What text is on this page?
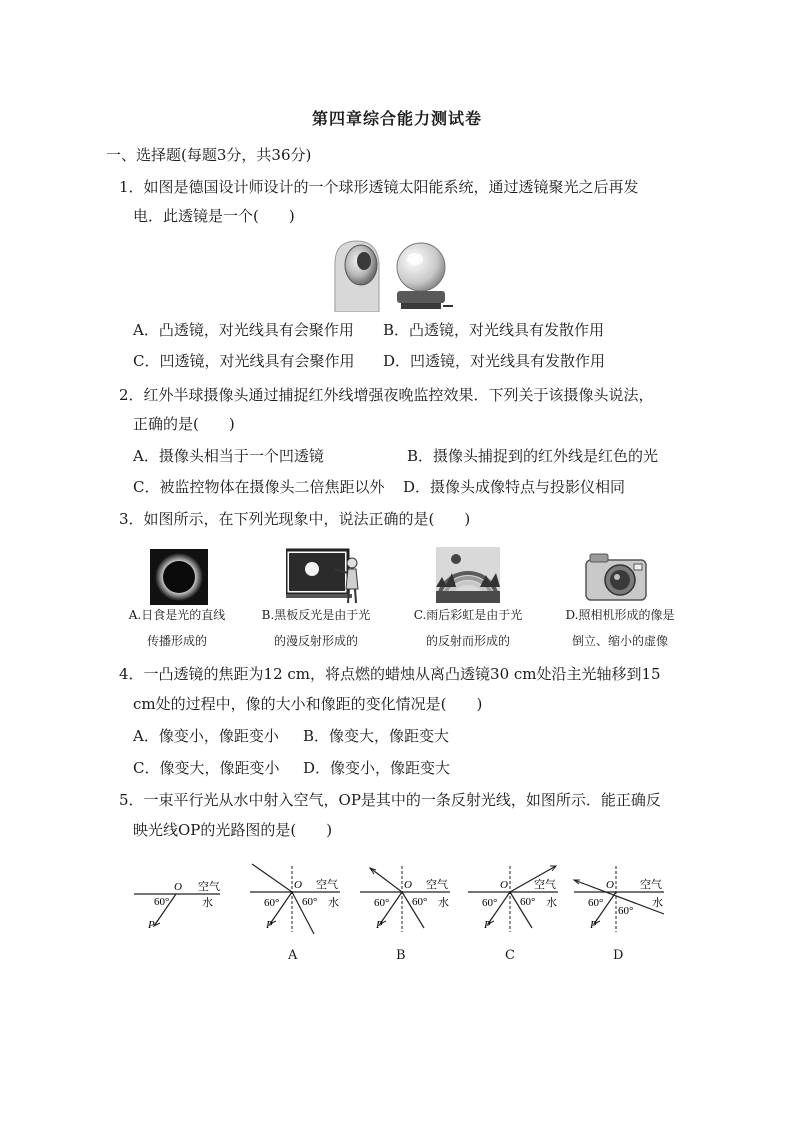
第四章综合能力测试卷
一、选择题(每题3分，共36分)
1．如图是德国设计师设计的一个球形透镜太阳能系统，通过透镜聚光之后再发
电．此透镜是一个(　　)
A．凸透镜，对光线具有会聚作用 B．凸透镜，对光线具有发散作用
C．凹透镜，对光线具有会聚作用 D．凹透镜，对光线具有发散作用
2．红外半球摄像头通过捕捉红外线增强夜晚监控效果．下列关于该摄像头说法，
正确的是(　　)
A．摄像头相当于一个凹透镜	B．摄像头捕捉到的红外线是红色的光
C．被监控物体在摄像头二倍焦距以外 D．摄像头成像特点与投影仪相同
3．如图所示，在下列光现象中，说法正确的是(　　)
A.日食是光的直线
传播形成的
B.黑板反光是由于光
的漫反射形成的
C.雨后彩虹是由于光
的反射而形成的
D.照相机形成的像是
倒立、缩小的虚像
4．一凸透镜的焦距为12 cm，将点燃的蜡烛从离凸透镜30 cm处沿主光轴移到15
cm处的过程中，像的大小和像距的变化情况是(　　)
A．像变小，像距变小 B．像变大，像距变大
C．像变大，像距变小 D．像变小，像距变大
5．一束平行光从水中射入空气，OP是其中的一条反射光线，如图所示．能正确反
映光线OP的光路图的是(　　)
O 空气
水
60°
P
O 空气
水
60° 60°
P
O 空气
水
60° 60°
P
O 空气
水
60° 60°
P
O 空气
水
60°
60°
P
A	B	C	D
